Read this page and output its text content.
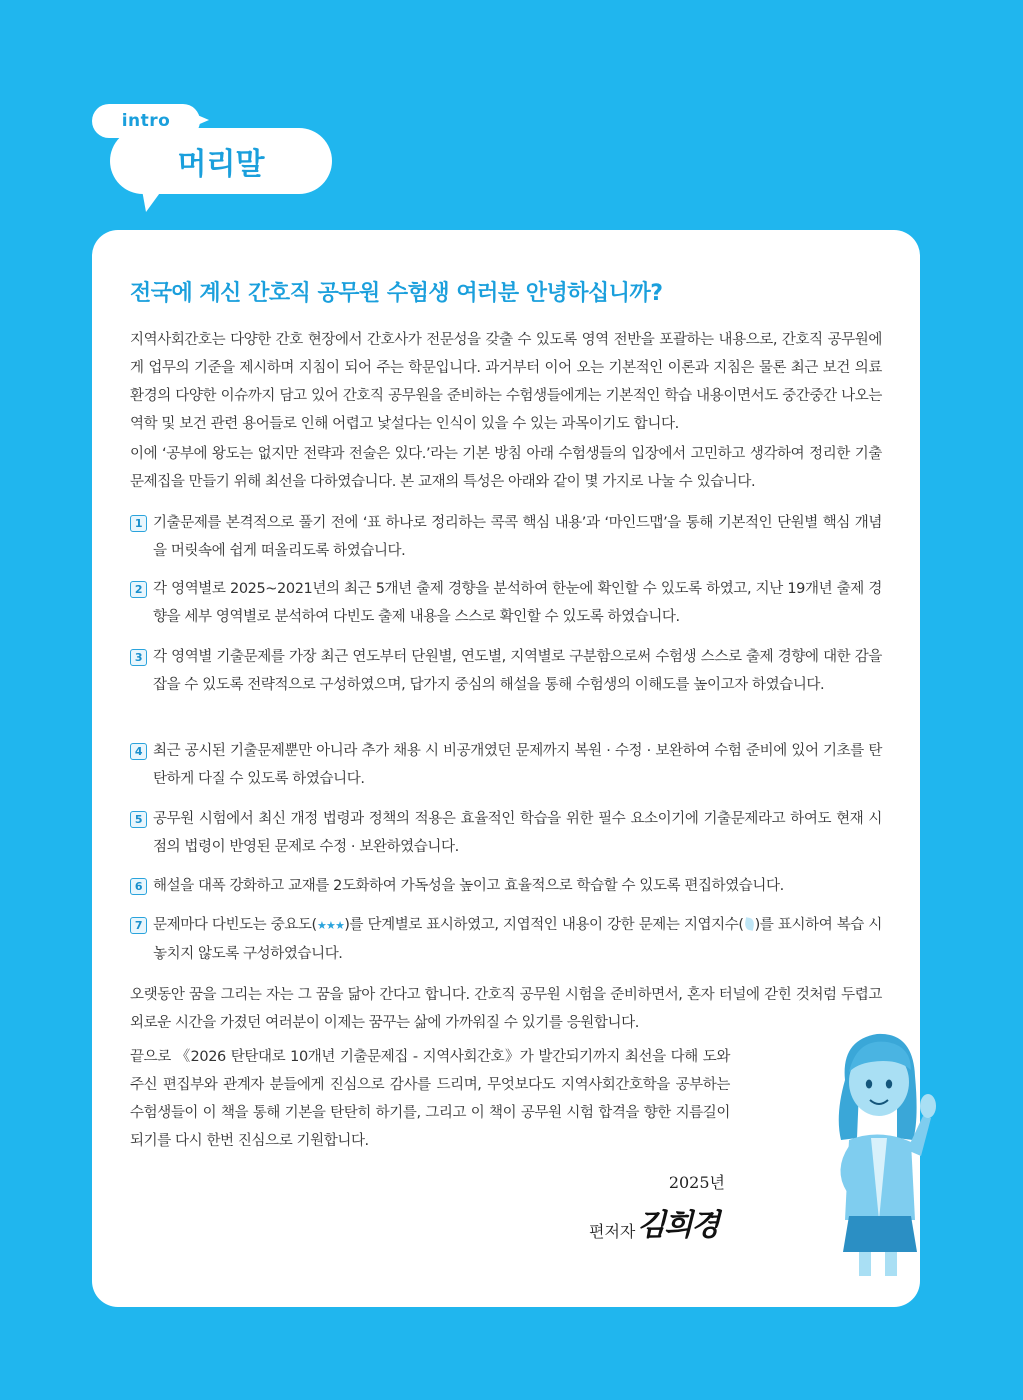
intro
머리말
전국에 계신 간호직 공무원 수험생 여러분 안녕하십니까?
지역사회간호는 다양한 간호 현장에서 간호사가 전문성을 갖출 수 있도록 영역 전반을 포괄하는 내용으로, 간호직 공무원에게 업무의 기준을 제시하며 지침이 되어 주는 학문입니다. 과거부터 이어 오는 기본적인 이론과 지침은 물론 최근 보건 의료 환경의 다양한 이슈까지 담고 있어 간호직 공무원을 준비하는 수험생들에게는 기본적인 학습 내용이면서도 중간중간 나오는 역학 및 보건 관련 용어들로 인해 어렵고 낯설다는 인식이 있을 수 있는 과목이기도 합니다.
이에 ‘공부에 왕도는 없지만 전략과 전술은 있다.’라는 기본 방침 아래 수험생들의 입장에서 고민하고 생각하여 정리한 기출문제집을 만들기 위해 최선을 다하였습니다. 본 교재의 특성은 아래와 같이 몇 가지로 나눌 수 있습니다.
1 기출문제를 본격적으로 풀기 전에 ‘표 하나로 정리하는 콕콕 핵심 내용’과 ‘마인드맵’을 통해 기본적인 단원별 핵심 개념을 머릿속에 쉽게 떠올리도록 하였습니다.
2 각 영역별로 2025~2021년의 최근 5개년 출제 경향을 분석하여 한눈에 확인할 수 있도록 하였고, 지난 19개년 출제 경향을 세부 영역별로 분석하여 다빈도 출제 내용을 스스로 확인할 수 있도록 하였습니다.
3 각 영역별 기출문제를 가장 최근 연도부터 단원별, 연도별, 지역별로 구분함으로써 수험생 스스로 출제 경향에 대한 감을 잡을 수 있도록 전략적으로 구성하였으며, 답가지 중심의 해설을 통해 수험생의 이해도를 높이고자 하였습니다.
4 최근 공시된 기출문제뿐만 아니라 추가 채용 시 비공개였던 문제까지 복원 · 수정 · 보완하여 수험 준비에 있어 기초를 탄탄하게 다질 수 있도록 하였습니다.
5 공무원 시험에서 최신 개정 법령과 정책의 적용은 효율적인 학습을 위한 필수 요소이기에 기출문제라고 하여도 현재 시점의 법령이 반영된 문제로 수정 · 보완하였습니다.
6 해설을 대폭 강화하고 교재를 2도화하여 가독성을 높이고 효율적으로 학습할 수 있도록 편집하였습니다.
7 문제마다 다빈도는 중요도(★★★)를 단계별로 표시하였고, 지엽적인 내용이 강한 문제는 지엽지수( )를 표시하여 복습 시 놓치지 않도록 구성하였습니다.
오랫동안 꿈을 그리는 자는 그 꿈을 닮아 간다고 합니다. 간호직 공무원 시험을 준비하면서, 혼자 터널에 갇힌 것처럼 두렵고 외로운 시간을 가졌던 여러분이 이제는 꿈꾸는 삶에 가까워질 수 있기를 응원합니다.
끝으로 《2026 탄탄대로 10개년 기출문제집 - 지역사회간호》가 발간되기까지 최선을 다해 도와주신 편집부와 관계자 분들에게 진심으로 감사를 드리며, 무엇보다도 지역사회간호학을 공부하는 수험생들이 이 책을 통해 기본을 탄탄히 하기를, 그리고 이 책이 공무원 시험 합격을 향한 지름길이 되기를 다시 한번 진심으로 기원합니다.
2025년
편저자 김희경
